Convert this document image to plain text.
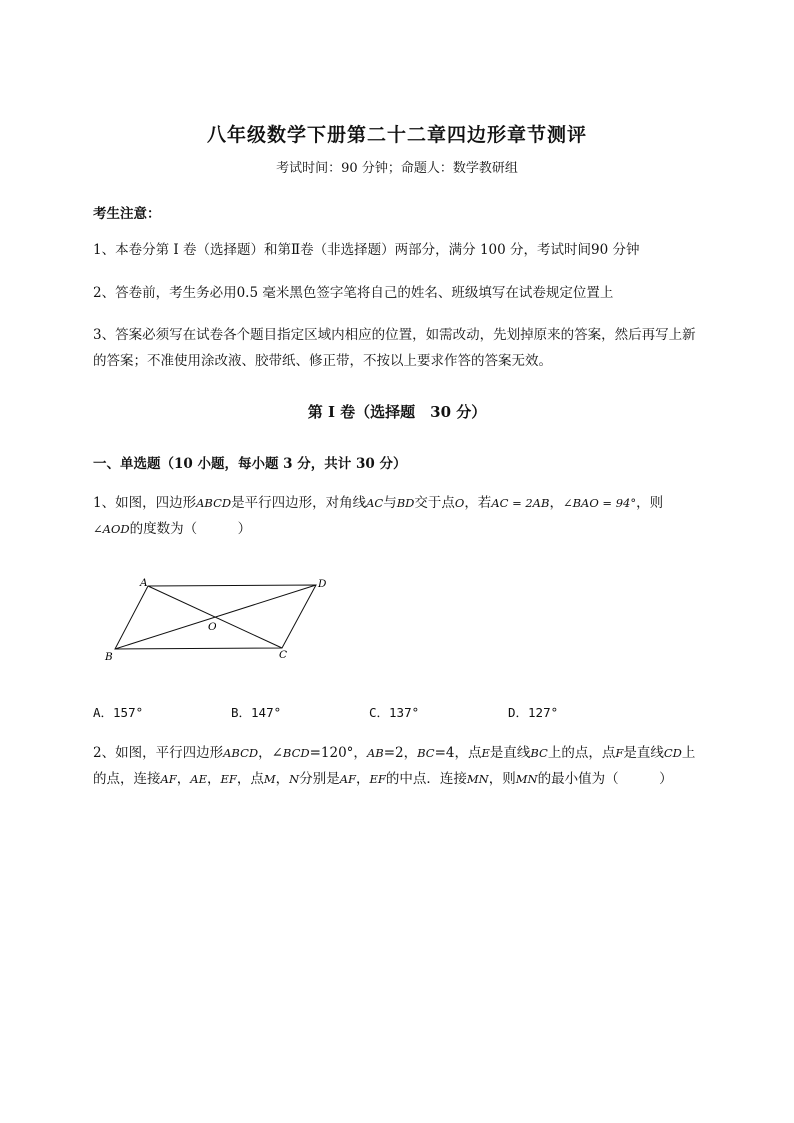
八年级数学下册第二十二章四边形章节测评
考试时间：90 分钟；命题人：数学教研组
考生注意：
1、本卷分第 I 卷（选择题）和第Ⅱ卷（非选择题）两部分，满分 100 分，考试时间90 分钟
2、答卷前，考生务必用0.5 毫米黑色签字笔将自己的姓名、班级填写在试卷规定位置上
3、答案必须写在试卷各个题目指定区域内相应的位置，如需改动，先划掉原来的答案，然后再写上新
的答案；不准使用涂改液、胶带纸、修正带，不按以上要求作答的答案无效。
第 I 卷（选择题　30 分）
一、单选题（10 小题，每小题 3 分，共计 30 分）
1、如图，四边形ABCD是平行四边形，对角线AC与BD交于点O，若AC = 2AB，∠BAO = 94°，则
∠AOD的度数为（　　　）
A	D
B	C
O
A．157°	B．147°	C．137°	D．127°
2、如图，平行四边形ABCD，∠BCD=120°，AB=2，BC=4，点E是直线BC上的点，点F是直线CD上
的点，连接AF，AE，EF，点M，N分别是AF，EF的中点．连接MN，则MN的最小值为（　　　）
